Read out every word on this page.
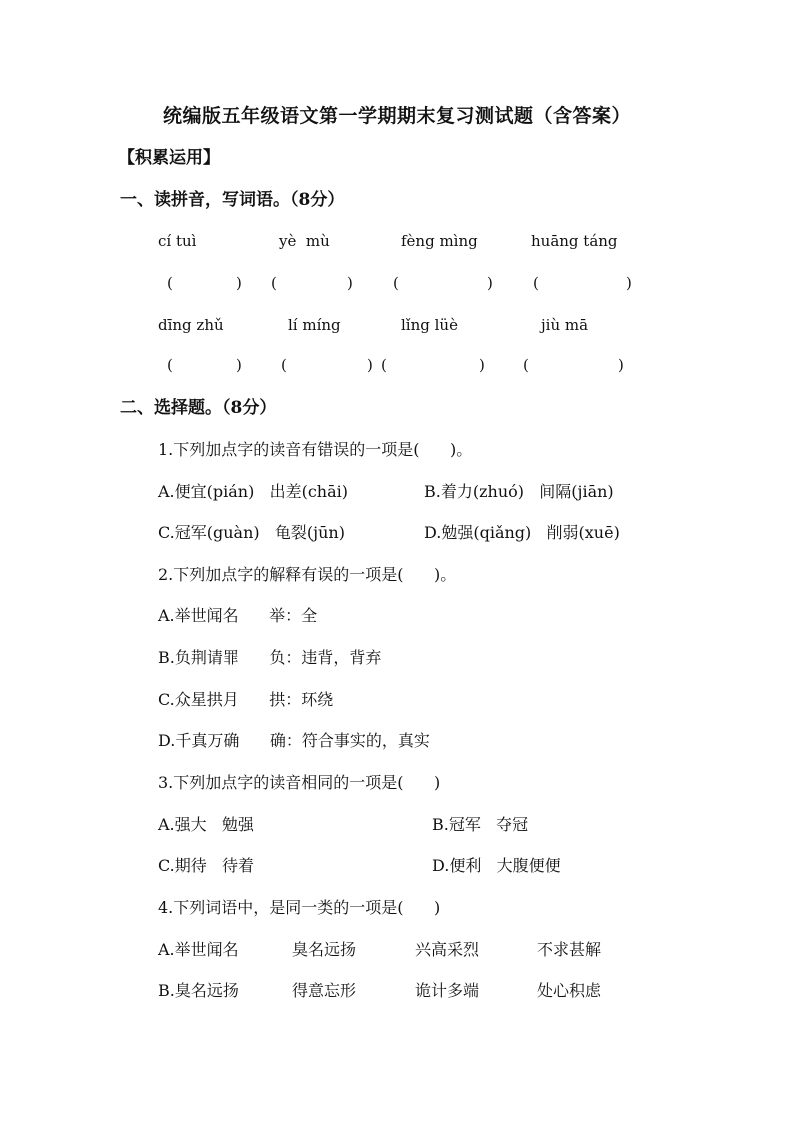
统编版五年级语文第一学期期末复习测试题（含答案）
【积累运用】
一、读拼音，写词语。（8分）
cí tuì	yè  mù	fèng mìng	huāng táng
(	) (	)	(	)	(	)
dīng zhǔ	lí míng	lǐng lüè	jiù mā
(	)	(	) (	)	(	)
二、选择题。（8分）
1.下列加点字的读音有错误的一项是(      )。
A.便宜(pián)   出差(chāi)	B.着力(zhuó)   间隔(jiān)
C.冠军(guàn)   龟裂(jūn)	D.勉强(qiǎng)   削弱(xuē)
2.下列加点字的解释有误的一项是(      )。
A.举世闻名      举：全
B.负荆请罪      负：违背，背弃
C.众星拱月      拱：环绕
D.千真万确      确：符合事实的，真实
3.下列加点字的读音相同的一项是(      )
A.强大   勉强	B.冠军   夺冠
C.期待   待着	D.便利   大腹便便
4.下列词语中，是同一类的一项是(      )
A.举世闻名	臭名远扬	兴高采烈	不求甚解
B.臭名远扬	得意忘形	诡计多端	处心积虑
